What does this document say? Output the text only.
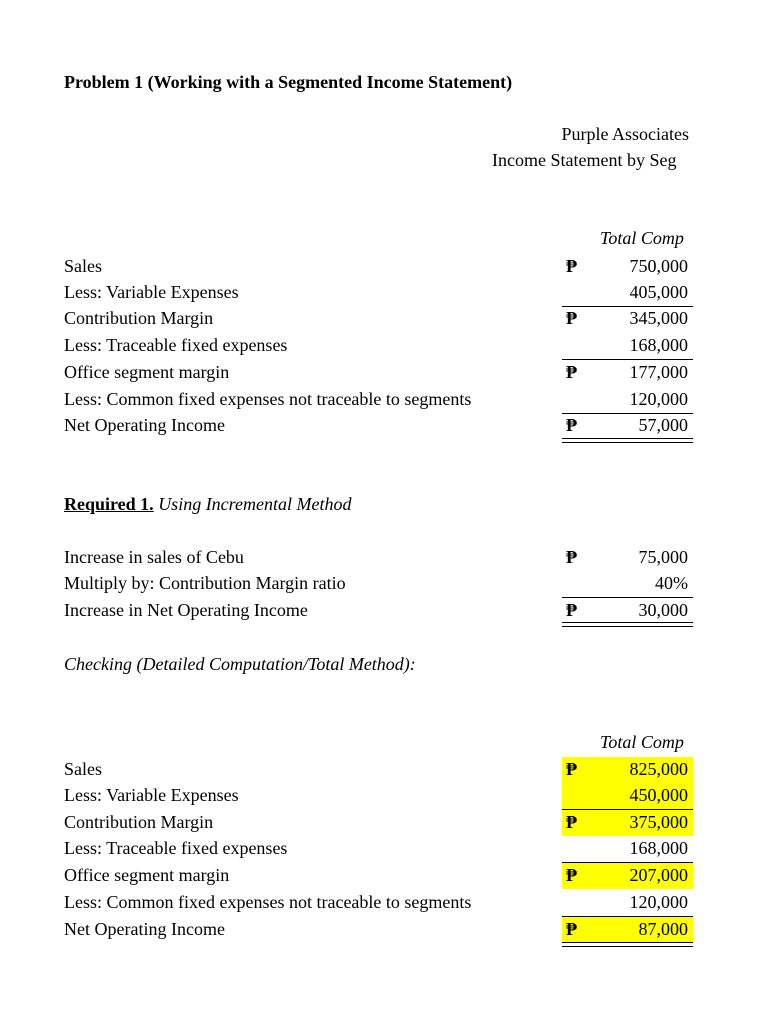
Problem 1 (Working with a Segmented Income Statement)
Purple Associates
Income Statement by Seg
Total Comp
Sales	₱	750,000
Less: Variable Expenses	405,000
Contribution Margin	₱	345,000
Less: Traceable fixed expenses	168,000
Office segment margin	₱	177,000
Less: Common fixed expenses not traceable to segments	120,000
Net Operating Income	₱	57,000
Required 1. Using Incremental Method
Increase in sales of Cebu	₱	75,000
Multiply by: Contribution Margin ratio	40%
Increase in Net Operating Income	₱	30,000
Checking (Detailed Computation/Total Method):
Total Comp
Sales	₱	825,000
Less: Variable Expenses	450,000
Contribution Margin	₱	375,000
Less: Traceable fixed expenses	168,000
Office segment margin	₱	207,000
Less: Common fixed expenses not traceable to segments	120,000
Net Operating Income	₱	87,000
